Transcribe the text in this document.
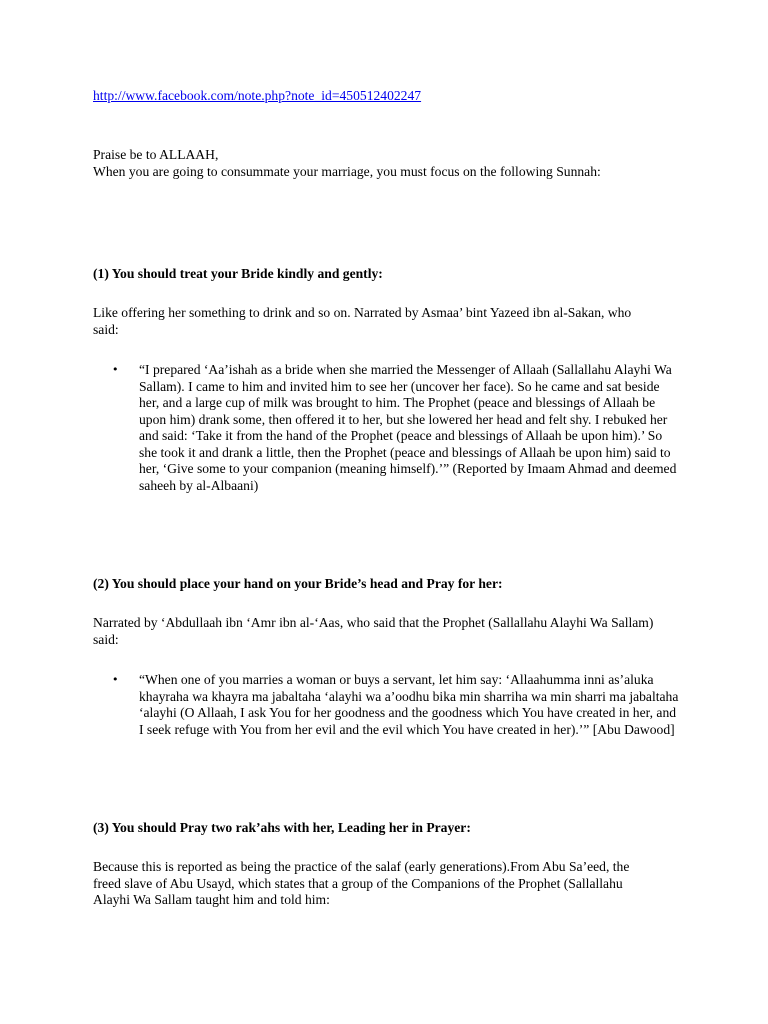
http://www.facebook.com/note.php?note_id=450512402247
Praise be to ALLAAH,
When you are going to consummate your marriage, you must focus on the following Sunnah:
(1) You should treat your Bride kindly and gently:
Like offering her something to drink and so on. Narrated by Asmaa’ bint Yazeed ibn al-Sakan, who said:
•	“I prepared ‘Aa’ishah as a bride when she married the Messenger of Allaah (Sallallahu Alayhi Wa Sallam). I came to him and invited him to see her (uncover her face). So he came and sat beside her, and a large cup of milk was brought to him. The Prophet (peace and blessings of Allaah be upon him) drank some, then offered it to her, but she lowered her head and felt shy. I rebuked her and said: ‘Take it from the hand of the Prophet (peace and blessings of Allaah be upon him).’ So she took it and drank a little, then the Prophet (peace and blessings of Allaah be upon him) said to her, ‘Give some to your companion (meaning himself).’” (Reported by Imaam Ahmad and deemed saheeh by al-Albaani)
(2) You should place your hand on your Bride’s head and Pray for her:
Narrated by ‘Abdullaah ibn ‘Amr ibn al-‘Aas, who said that the Prophet (Sallallahu Alayhi Wa Sallam) said:
•	“When one of you marries a woman or buys a servant, let him say: ‘Allaahumma inni as’aluka khayraha wa khayra ma jabaltaha ‘alayhi wa a’oodhu bika min sharriha wa min sharri ma jabaltaha ‘alayhi (O Allaah, I ask You for her goodness and the goodness which You have created in her, and I seek refuge with You from her evil and the evil which You have created in her).’” [Abu Dawood]
(3) You should Pray two rak’ahs with her, Leading her in Prayer:
Because this is reported as being the practice of the salaf (early generations).From Abu Sa’eed, the freed slave of Abu Usayd, which states that a group of the Companions of the Prophet (Sallallahu Alayhi Wa Sallam taught him and told him:
